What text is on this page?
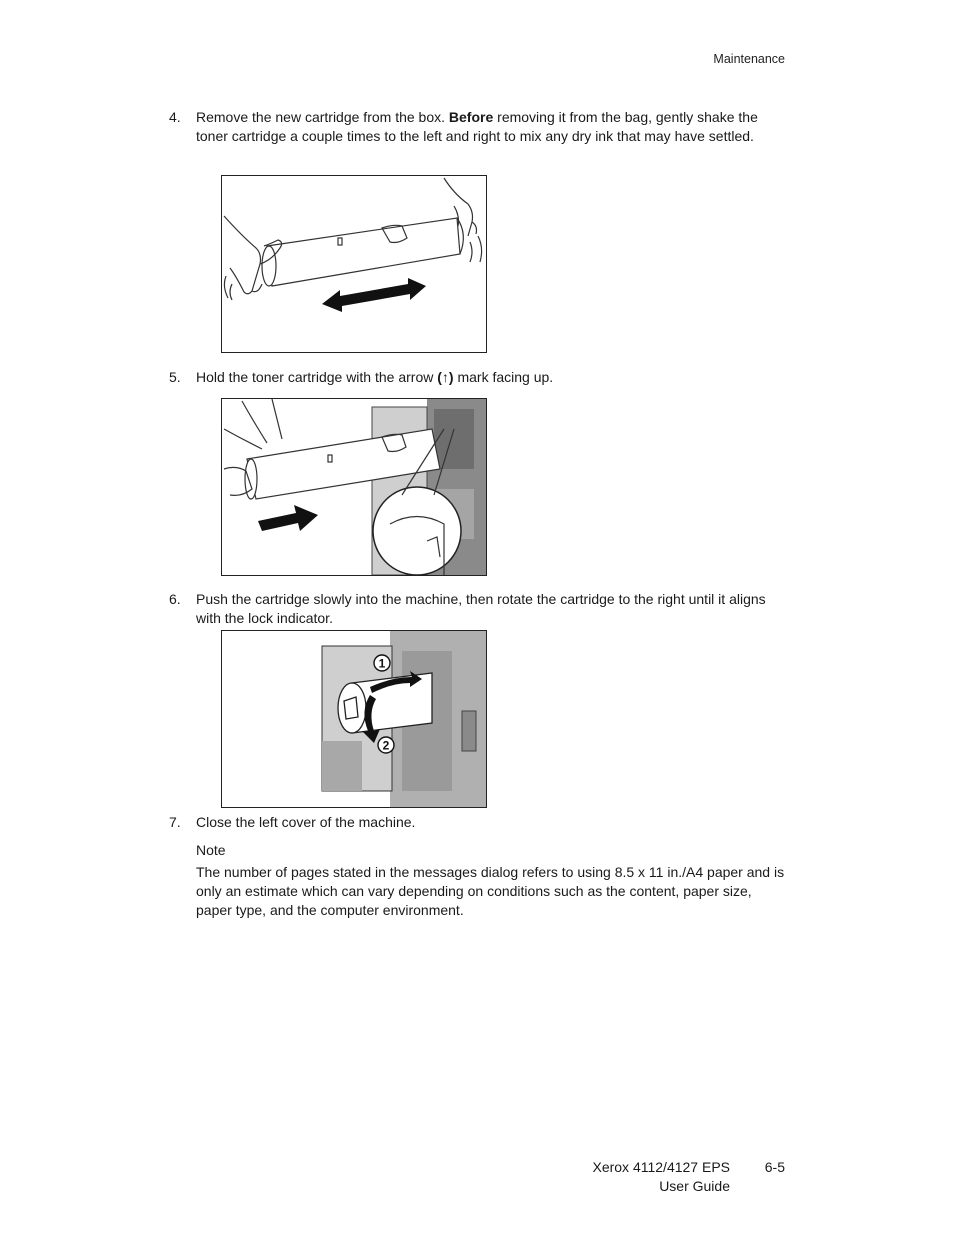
Maintenance
4. Remove the new cartridge from the box. Before removing it from the bag, gently shake the toner cartridge a couple times to the left and right to mix any dry ink that may have settled.
5. Hold the toner cartridge with the arrow (↑) mark facing up.
6. Push the cartridge slowly into the machine, then rotate the cartridge to the right until it aligns with the lock indicator.
1
2
7. Close the left cover of the machine.
Note
The number of pages stated in the messages dialog refers to using 8.5 x 11 in./A4 paper and is only an estimate which can vary depending on conditions such as the content, paper size, paper type, and the computer environment.
Xerox 4112/4127 EPS
User Guide
6-5
